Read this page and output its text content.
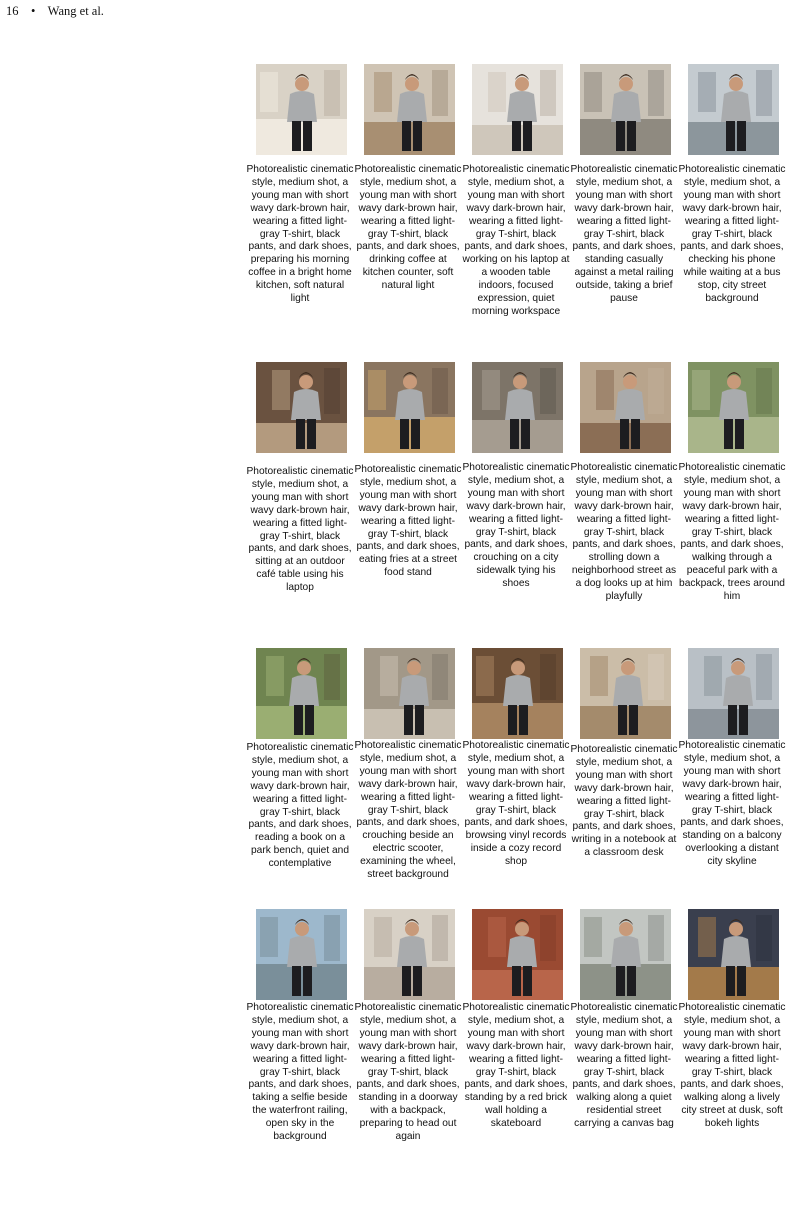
16 • Wang et al.
Photorealistic cinematic style, medium shot, a young man with short wavy dark-brown hair, wearing a fitted light-gray T-shirt, black pants, and dark shoes, preparing his morning coffee in a bright home kitchen, soft natural light
Photorealistic cinematic style, medium shot, a young man with short wavy dark-brown hair, wearing a fitted light-gray T-shirt, black pants, and dark shoes, drinking coffee at kitchen counter, soft natural light
Photorealistic cinematic style, medium shot, a young man with short wavy dark-brown hair, wearing a fitted light-gray T-shirt, black pants, and dark shoes, working on his laptop at a wooden table indoors, focused expression, quiet morning workspace
Photorealistic cinematic style, medium shot, a young man with short wavy dark-brown hair, wearing a fitted light-gray T-shirt, black pants, and dark shoes, standing casually against a metal railing outside, taking a brief pause
Photorealistic cinematic style, medium shot, a young man with short wavy dark-brown hair, wearing a fitted light-gray T-shirt, black pants, and dark shoes, checking his phone while waiting at a bus stop, city street background
Photorealistic cinematic style, medium shot, a young man with short wavy dark-brown hair, wearing a fitted light-gray T-shirt, black pants, and dark shoes, sitting at an outdoor café table using his laptop
Photorealistic cinematic style, medium shot, a young man with short wavy dark-brown hair, wearing a fitted light-gray T-shirt, black pants, and dark shoes, eating fries at a street food stand
Photorealistic cinematic style, medium shot, a young man with short wavy dark-brown hair, wearing a fitted light-gray T-shirt, black pants, and dark shoes, crouching on a city sidewalk tying his shoes
Photorealistic cinematic style, medium shot, a young man with short wavy dark-brown hair, wearing a fitted light-gray T-shirt, black pants, and dark shoes, strolling down a neighborhood street as a dog looks up at him playfully
Photorealistic cinematic style, medium shot, a young man with short wavy dark-brown hair, wearing a fitted light-gray T-shirt, black pants, and dark shoes, walking through a peaceful park with a backpack, trees around him
Photorealistic cinematic style, medium shot, a young man with short wavy dark-brown hair, wearing a fitted light-gray T-shirt, black pants, and dark shoes, reading a book on a park bench, quiet and contemplative
Photorealistic cinematic style, medium shot, a young man with short wavy dark-brown hair, wearing a fitted light-gray T-shirt, black pants, and dark shoes, crouching beside an electric scooter, examining the wheel, street background
Photorealistic cinematic style, medium shot, a young man with short wavy dark-brown hair, wearing a fitted light-gray T-shirt, black pants, and dark shoes, browsing vinyl records inside a cozy record shop
Photorealistic cinematic style, medium shot, a young man with short wavy dark-brown hair, wearing a fitted light-gray T-shirt, black pants, and dark shoes, writing in a notebook at a classroom desk
Photorealistic cinematic style, medium shot, a young man with short wavy dark-brown hair, wearing a fitted light-gray T-shirt, black pants, and dark shoes, standing on a balcony overlooking a distant city skyline
Photorealistic cinematic style, medium shot, a young man with short wavy dark-brown hair, wearing a fitted light-gray T-shirt, black pants, and dark shoes, taking a selfie beside the waterfront railing, open sky in the background
Photorealistic cinematic style, medium shot, a young man with short wavy dark-brown hair, wearing a fitted light-gray T-shirt, black pants, and dark shoes, standing in a doorway with a backpack, preparing to head out again
Photorealistic cinematic style, medium shot, a young man with short wavy dark-brown hair, wearing a fitted light-gray T-shirt, black pants, and dark shoes, standing by a red brick wall holding a skateboard
Photorealistic cinematic style, medium shot, a young man with short wavy dark-brown hair, wearing a fitted light-gray T-shirt, black pants, and dark shoes, walking along a quiet residential street carrying a canvas bag
Photorealistic cinematic style, medium shot, a young man with short wavy dark-brown hair, wearing a fitted light-gray T-shirt, black pants, and dark shoes, walking along a lively city street at dusk, soft bokeh lights
